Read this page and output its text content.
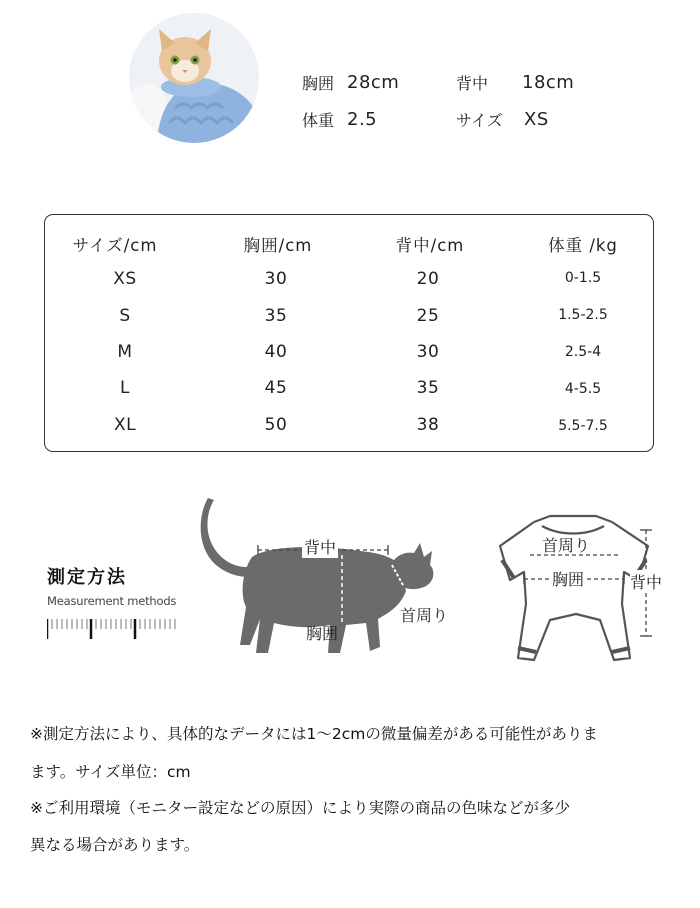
胸囲 28cm	背中 18cm
体重 2.5	サイズ XS
サイズ/cm	胸囲/cm	背中/cm	体重 /kg
XS	30	20	0-1.5
S	35	25	1.5-2.5
M	40	30	2.5-4
L	45	35	4-5.5
XL	50	38	5.5-7.5
測定方法
Measurement methods
背中
胸囲
首周り
首周り
胸囲	背中
※測定方法により、具体的なデータには1〜2cmの微量偏差がある可能性がありま
ます。サイズ単位：cm
※ご利用環境（モニター設定などの原因）により実際の商品の色味などが多少
異なる場合があります。
